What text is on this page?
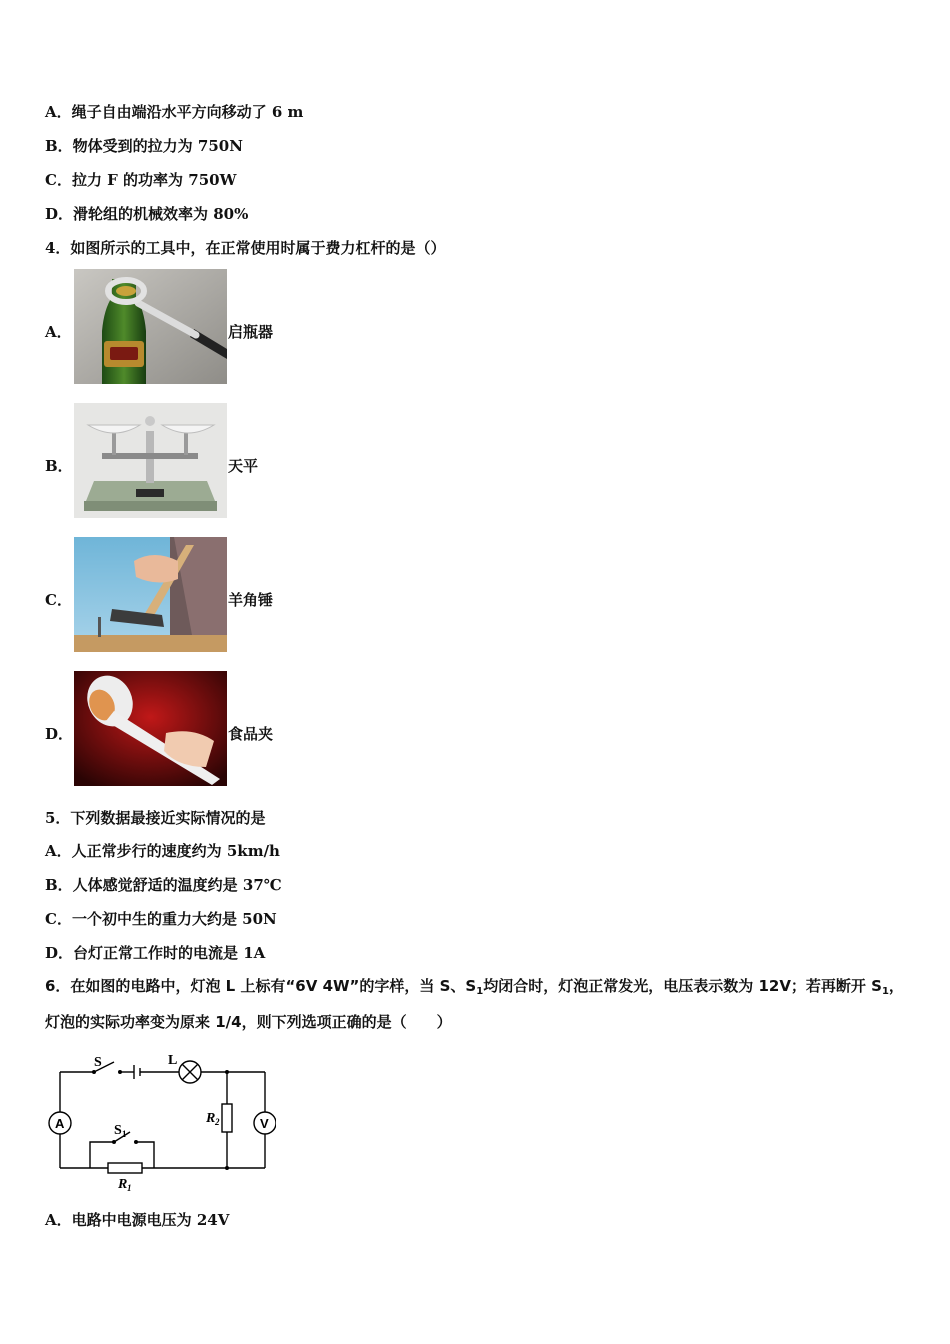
A．绳子自由端沿水平方向移动了 6 m
B．物体受到的拉力为 750N
C．拉力 F 的功率为 750W
D．滑轮组的机械效率为 80%
4．如图所示的工具中，在正常使用时属于费力杠杆的是（）
A．	启瓶器
B．	天平
C．	羊角锤
D．	食品夹
5．下列数据最接近实际情况的是
A．人正常步行的速度约为 5km/h
B．人体感觉舒适的温度约是 37℃
C．一个初中生的重力大约是 50N
D．台灯正常工作时的电流是 1A
6．在如图的电路中，灯泡 L 上标有“6V 4W”的字样，当 S、$S_1$均闭合时，灯泡正常发光，电压表示数为 12V；若再断开 $S_1$，灯泡的实际功率变为原来 1/4，则下列选项正确的是（　　）
S	L
A	V
S 1
R 2
R 1
A．电路中电源电压为 24V
